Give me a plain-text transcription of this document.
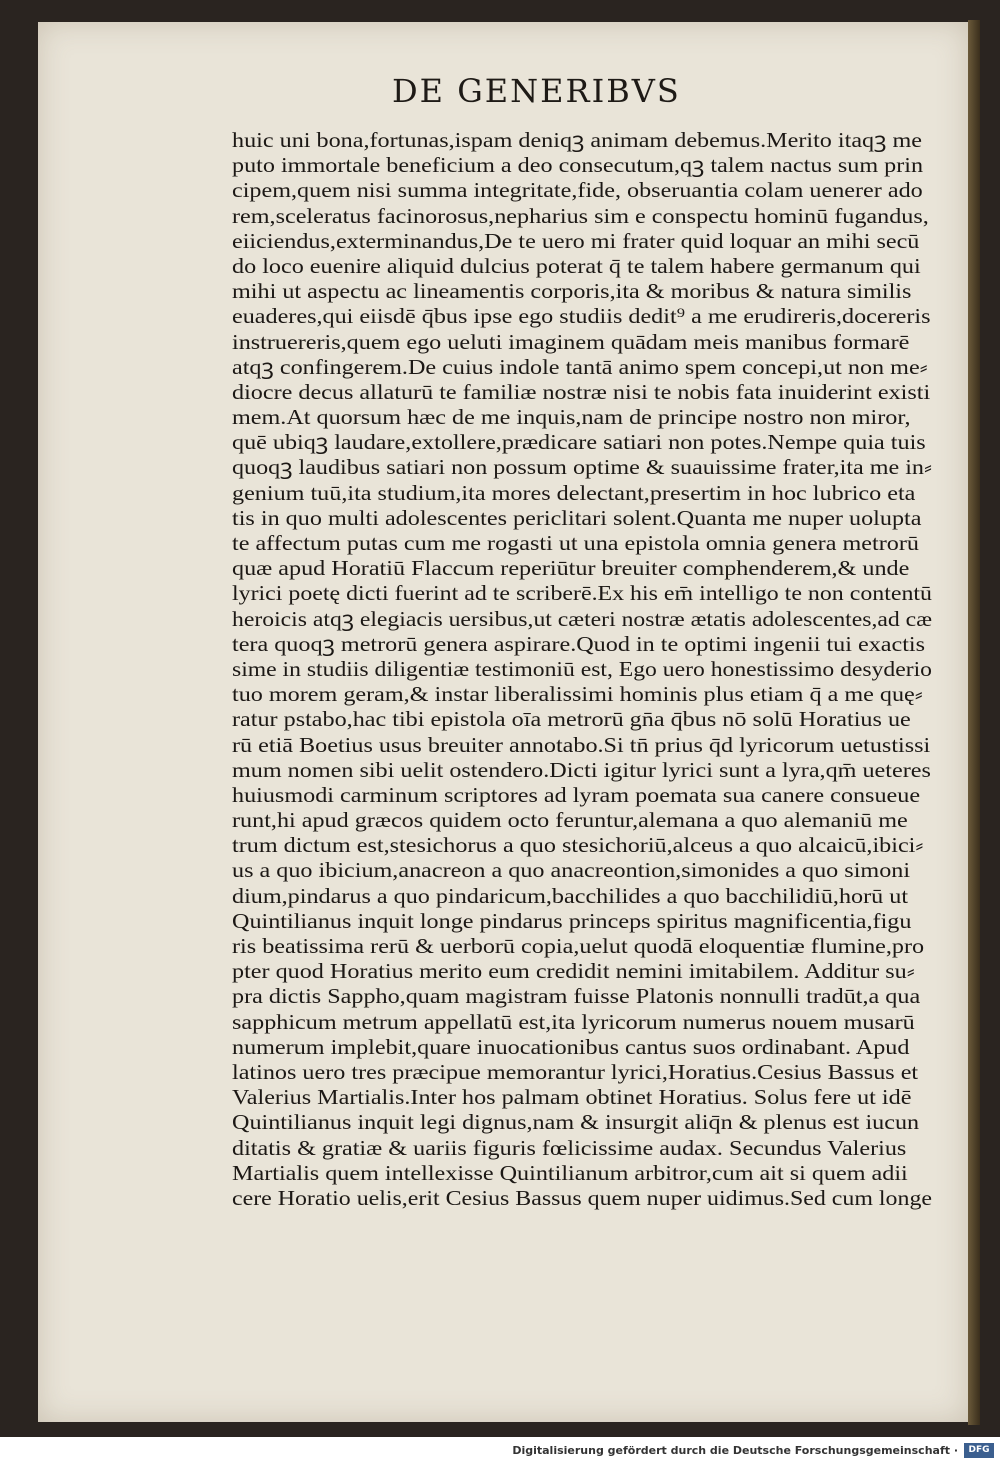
DE GENERIBVS
huic uni bona,fortunas,ispam deniqꝫ animam debemus.Merito itaqꝫ me
puto immortale beneficium a deo consecutum,qꝫ talem nactus sum prin
cipem,quem nisi summa integritate,fide, obseruantia colam uenerer ado
rem,sceleratus facinorosus,nepharius sim e conspectu hominū fugandus,
eiiciendus,exterminandus,De te uero mi frater quid loquar an mihi secū
do loco euenire aliquid dulcius poterat q̄ te talem habere germanum qui
mihi ut aspectu ac lineamentis corporis,ita & moribus & natura similis
euaderes,qui eiisdē q̄bus ipse ego studiis dedit⁹ a me erudireris,docereris
instruereris,quem ego ueluti imaginem quādam meis manibus formarē
atqꝫ confingerem.De cuius indole tantā animo spem concepi,ut non me⸗
diocre decus allaturū te familiæ nostræ nisi te nobis fata inuiderint existi
mem.At quorsum hæc de me inquis,nam de principe nostro non miror,
quē ubiqꝫ laudare,extollere,prædicare satiari non potes.Nempe quia tuis
quoqꝫ laudibus satiari non possum optime & suauissime frater,ita me in⸗
genium tuū,ita studium,ita mores delectant,presertim in hoc lubrico eta
tis in quo multi adolescentes periclitari solent.Quanta me nuper uolupta
te affectum putas cum me rogasti ut una epistola omnia genera metrorū
quæ apud Horatiū Flaccum reperiūtur breuiter comphenderem,& unde
lyrici poetę dicti fuerint ad te scriberē.Ex his em̄ intelligo te non contentū
heroicis atqꝫ elegiacis uersibus,ut cæteri nostræ ætatis adolescentes,ad cæ
tera quoqꝫ metrorū genera aspirare.Quod in te optimi ingenii tui exactis
sime in studiis diligentiæ testimoniū est, Ego uero honestissimo desyderio
tuo morem geram,& instar liberalissimi hominis plus etiam q̄ a me quę⸗
ratur pstabo,hac tibi epistola oīa metrorū gn̄a q̄bus nō solū Horatius ue
rū etiā Boetius usus breuiter annotabo.Si tn̄ prius q̄d lyricorum uetustissi
mum nomen sibi uelit ostendero.Dicti igitur lyrici sunt a lyra,qm̄ ueteres
huiusmodi carminum scriptores ad lyram poemata sua canere consueue
runt,hi apud græcos quidem octo feruntur,alemana a quo alemaniū me
trum dictum est,stesichorus a quo stesichoriū,alceus a quo alcaicū,ibici⸗
us a quo ibicium,anacreon a quo anacreontion,simonides a quo simoni
dium,pindarus a quo pindaricum,bacchilides a quo bacchilidiū,horū ut
Quintilianus inquit longe pindarus princeps spiritus magnificentia,figu
ris beatissima rerū & uerborū copia,uelut quodā eloquentiæ flumine,pro
pter quod Horatius merito eum credidit nemini imitabilem. Additur su⸗
pra dictis Sappho,quam magistram fuisse Platonis nonnulli tradūt,a qua
sapphicum metrum appellatū est,ita lyricorum numerus nouem musarū
numerum implebit,quare inuocationibus cantus suos ordinabant. Apud
latinos uero tres præcipue memorantur lyrici,Horatius.Cesius Bassus et
Valerius Martialis.Inter hos palmam obtinet Horatius. Solus fere ut idē
Quintilianus inquit legi dignus,nam & insurgit aliq̄n & plenus est iucun
ditatis & gratiæ & uariis figuris fœlicissime audax. Secundus Valerius
Martialis quem intellexisse Quintilianum arbitror,cum ait si quem adii
cere Horatio uelis,erit Cesius Bassus quem nuper uidimus.Sed cum longe
Digitalisierung gefördert durch die Deutsche Forschungsgemeinschaft ·	DFG
